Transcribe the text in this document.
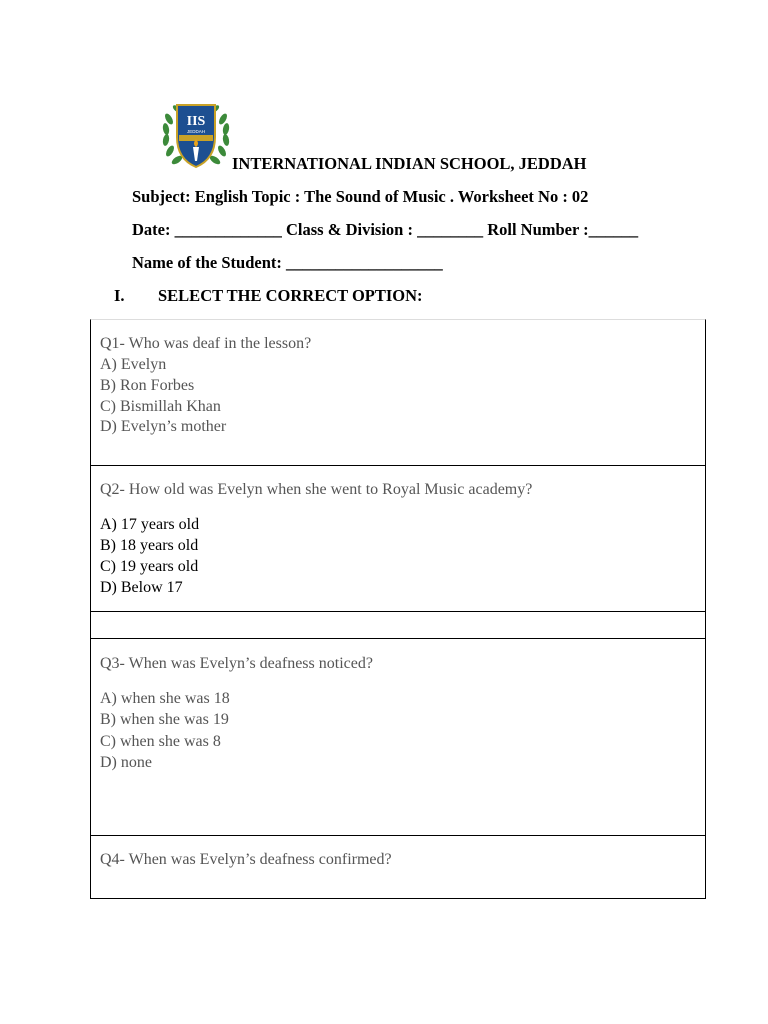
IIS
JEDDAH
INTERNATIONAL INDIAN SCHOOL, JEDDAH
Subject: English Topic : The Sound of Music . Worksheet No : 02
Date: _____________ Class & Division : ________ Roll Number :______
Name of the Student: ___________________
I. SELECT THE CORRECT OPTION:
Q1- Who was deaf in the lesson?
A) Evelyn
B) Ron Forbes
C) Bismillah Khan
D) Evelyn’s mother
Q2- How old was Evelyn when she went to Royal Music academy?
A) 17 years old
B) 18 years old
C) 19 years old
D) Below 17
Q3- When was Evelyn’s deafness noticed?
A) when she was 18
B) when she was 19
C) when she was 8
D) none
Q4- When was Evelyn’s deafness confirmed?
